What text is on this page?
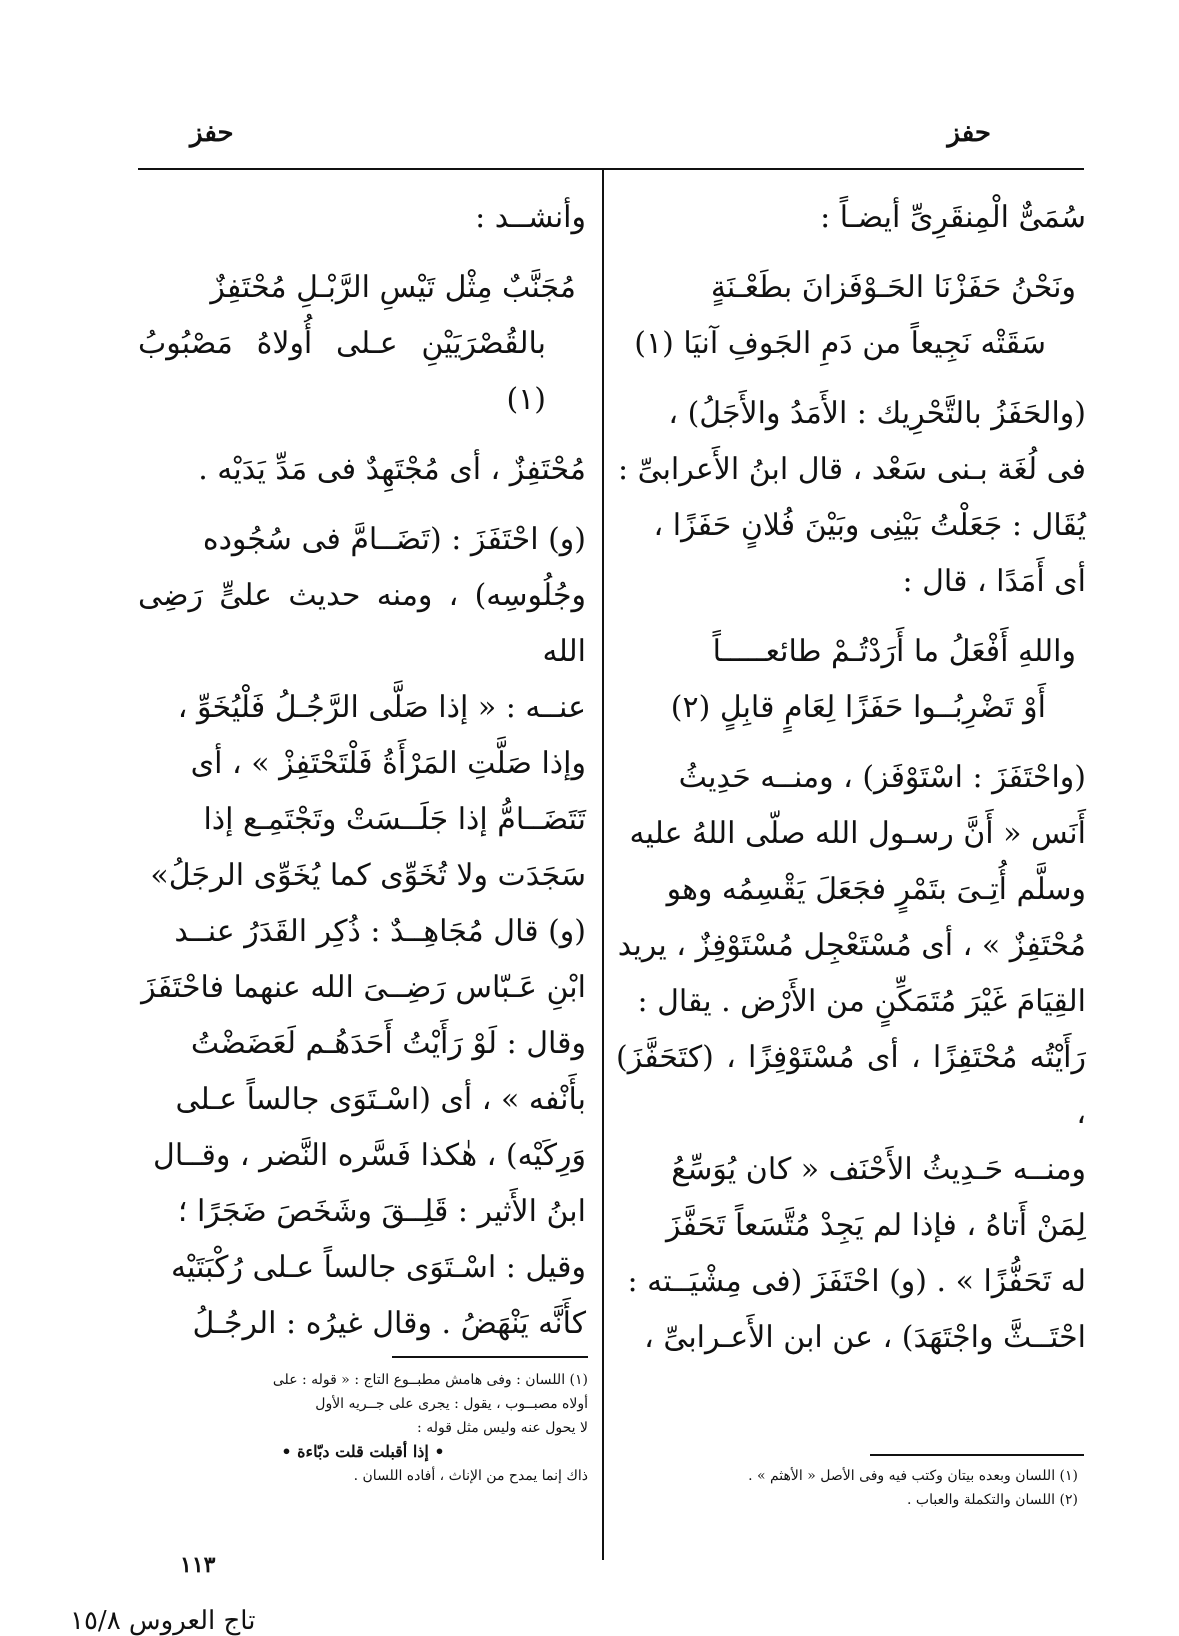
حفز
حفز
سُمَىٌّ الْمِنقَرِىِّ أيضـاً :
ونَحْنُ حَفَزْنَا الحَـوْفَزانَ بطَعْـنَةٍ
سَقَتْه نَجِيعاً من دَمِ الجَوفِ آنيَا (١)
(والحَفَزُ بالتَّحْرِيك : الأَمَدُ والأَجَلُ) ،
فى لُغَة بـنى سَعْد ، قال ابنُ الأَعرابىِّ :
يُقَال : جَعَلْتُ بَيْنِى وبَيْنَ فُلانٍ حَفَزًا ،
أى أَمَدًا ، قال :
واللهِ أَفْعَلُ ما أَرَدْتُـمْ طائعـــــاً
أَوْ تَضْرِبُــوا حَفَزًا لِعَامٍ قابِلٍ (٢)
(واحْتَفَزَ : اسْتَوْفَز) ، ومنــه حَدِيثُ
أَنَس « أَنَّ رسـول الله صلّى اللهُ عليه
وسلَّم أُتِـىَ بتَمْرٍ فجَعَلَ يَقْسِمُه وهو
مُحْتَفِزٌ » ، أى مُسْتَعْجِل مُسْتَوْفِزٌ ، يريد
القِيَامَ غَيْرَ مُتَمَكِّنٍ من الأَرْض . يقال :
رَأَيْتُه مُحْتَفِزًا ، أى مُسْتَوْفِزًا ، (كتَحَفَّزَ) ،
ومنــه حَـدِيثُ الأَحْنَف « كان يُوَسِّعُ
لِمَنْ أَتاهُ ، فإذا لم يَجِدْ مُتَّسَعاً تَحَفَّزَ
له تَحَفُّزًا » . (و) احْتَفَزَ (فى مِشْيَــته :
احْتَــثَّ واجْتَهَدَ) ، عن ابن الأَعـرابىِّ ،
وأنشــد :
مُجَنَّبٌ مِثْل تَيْسِ الرَّبْـلِ مُحْتَفِزٌ
بالقُصْرَيَيْنِ عـلى أُولاهُ مَصْبُوبُ (١)
مُحْتَفِزٌ ، أى مُجْتَهِدٌ فى مَدِّ يَدَيْه .
(و) احْتَفَزَ : (تَضَــامَّ فى سُجُوده
وجُلُوسِه) ، ومنه حديث علىٍّ رَضِى الله
عنــه : « إذا صَلَّى الرَّجُـلُ فَلْيُخَوِّ ،
وإذا صَلَّتِ المَرْأَةُ فَلْتَحْتَفِزْ » ، أى
تَتَضَــامُّ إذا جَلَــسَتْ وتَجْتَمِـع إذا
سَجَدَت ولا تُخَوِّى كما يُخَوِّى الرجَلُ»
(و) قال مُجَاهِــدٌ : ذُكِر القَدَرُ عنــد
ابْنِ عَـبّاس رَضِــىَ الله عنهما فاحْتَفَزَ
وقال : لَوْ رَأَيْتُ أَحَدَهُـم لَعَضَضْتُ
بأَنْفه » ، أى (اسْـتَوَى جالساً عـلى
وَرِكَيْه) ، هٰكذا فَسَّره النَّضر ، وقــال
ابنُ الأَثير : قَلِــقَ وشَخَصَ ضَجَرًا ؛
وقيل : اسْـتَوَى جالساً عـلى رُكْبَتَيْه
كأَنَّه يَنْهَضُ . وقال غيرُه : الرجُـلُ

(١) اللسان وبعده بيتان وكتب فيه وفى الأصل « الأهثم » .

(٢) اللسان والتكملة والعباب .

(١) اللسان : وفى هامش مطبــوع التاج : « قوله : على

أولاه مصبــوب ، يقول : يجرى على جــريه الأول

لا يحول عنه وليس مثل قوله :

• إذا أقبلت قلت دبّاءة •

ذاك إنما يمدح من الإناث ، أفاده اللسان .

١١٣
تاج العروس ١٥/٨
